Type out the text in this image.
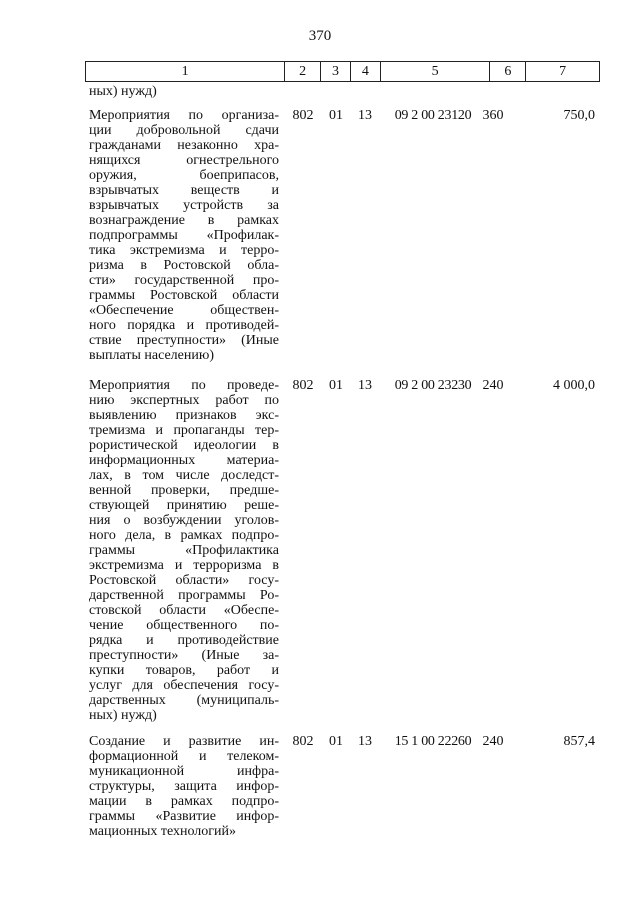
370
1	2	3	4	5	6	7
ных) нужд)
Мероприятия по организа-
ции добровольной сдачи
гражданами незаконно хра-
нящихся огнестрельного
оружия, боеприпасов,
взрывчатых веществ и
взрывчатых устройств за
вознаграждение в рамках
подпрограммы «Профилак-
тика экстремизма и терро-
ризма в Ростовской обла-
сти» государственной про-
граммы Ростовской области
«Обеспечение обществен-
ного порядка и противодей-
ствие преступности» (Иные
выплаты населению)
802	01	13	09 2 00 23120 360	750,0
Мероприятия по проведе-
нию экспертных работ по
выявлению признаков экс-
тремизма и пропаганды тер-
рористической идеологии в
информационных материа-
лах, в том числе доследст-
венной проверки, предше-
ствующей принятию реше-
ния о возбуждении уголов-
ного дела, в рамках подпро-
граммы «Профилактика
экстремизма и терроризма в
Ростовской области» госу-
дарственной программы Ро-
стовской области «Обеспе-
чение общественного по-
рядка и противодействие
преступности» (Иные за-
купки товаров, работ и
услуг для обеспечения госу-
дарственных (муниципаль-
ных) нужд)
802	01	13	09 2 00 23230 240	4 000,0
Создание и развитие ин-
формационной и телеком-
муникационной инфра-
структуры, защита инфор-
мации в рамках подпро-
граммы «Развитие инфор-
мационных технологий»
802	01	13	15 1 00 22260 240	857,4
